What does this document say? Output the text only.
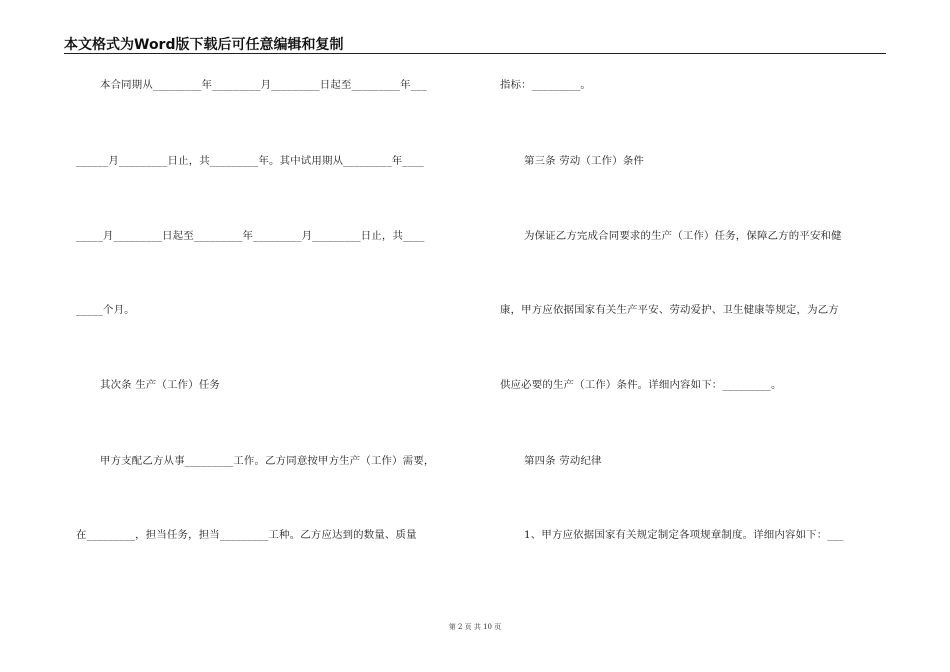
本文格式为Word版下载后可任意编辑和复制
本合同期从_________年_________月_________日起至_________年___
______月_________日止，共_________年。其中试用期从_________年____
_____月_________日起至_________年_________月_________日止，共____
_____个月。
其次条 生产（工作）任务
甲方支配乙方从事_________工作。乙方同意按甲方生产（工作）需要，
在_________，担当任务，担当_________工种。乙方应达到的数量、质量
指标：_________。
第三条 劳动（工作）条件
为保证乙方完成合同要求的生产（工作）任务，保障乙方的平安和健
康，甲方应依据国家有关生产平安、劳动爱护、卫生健康等规定，为乙方
供应必要的生产（工作）条件。详细内容如下：_________。
第四条 劳动纪律
1、甲方应依据国家有关规定制定各项规章制度。详细内容如下：___
第 2 页 共 10 页
